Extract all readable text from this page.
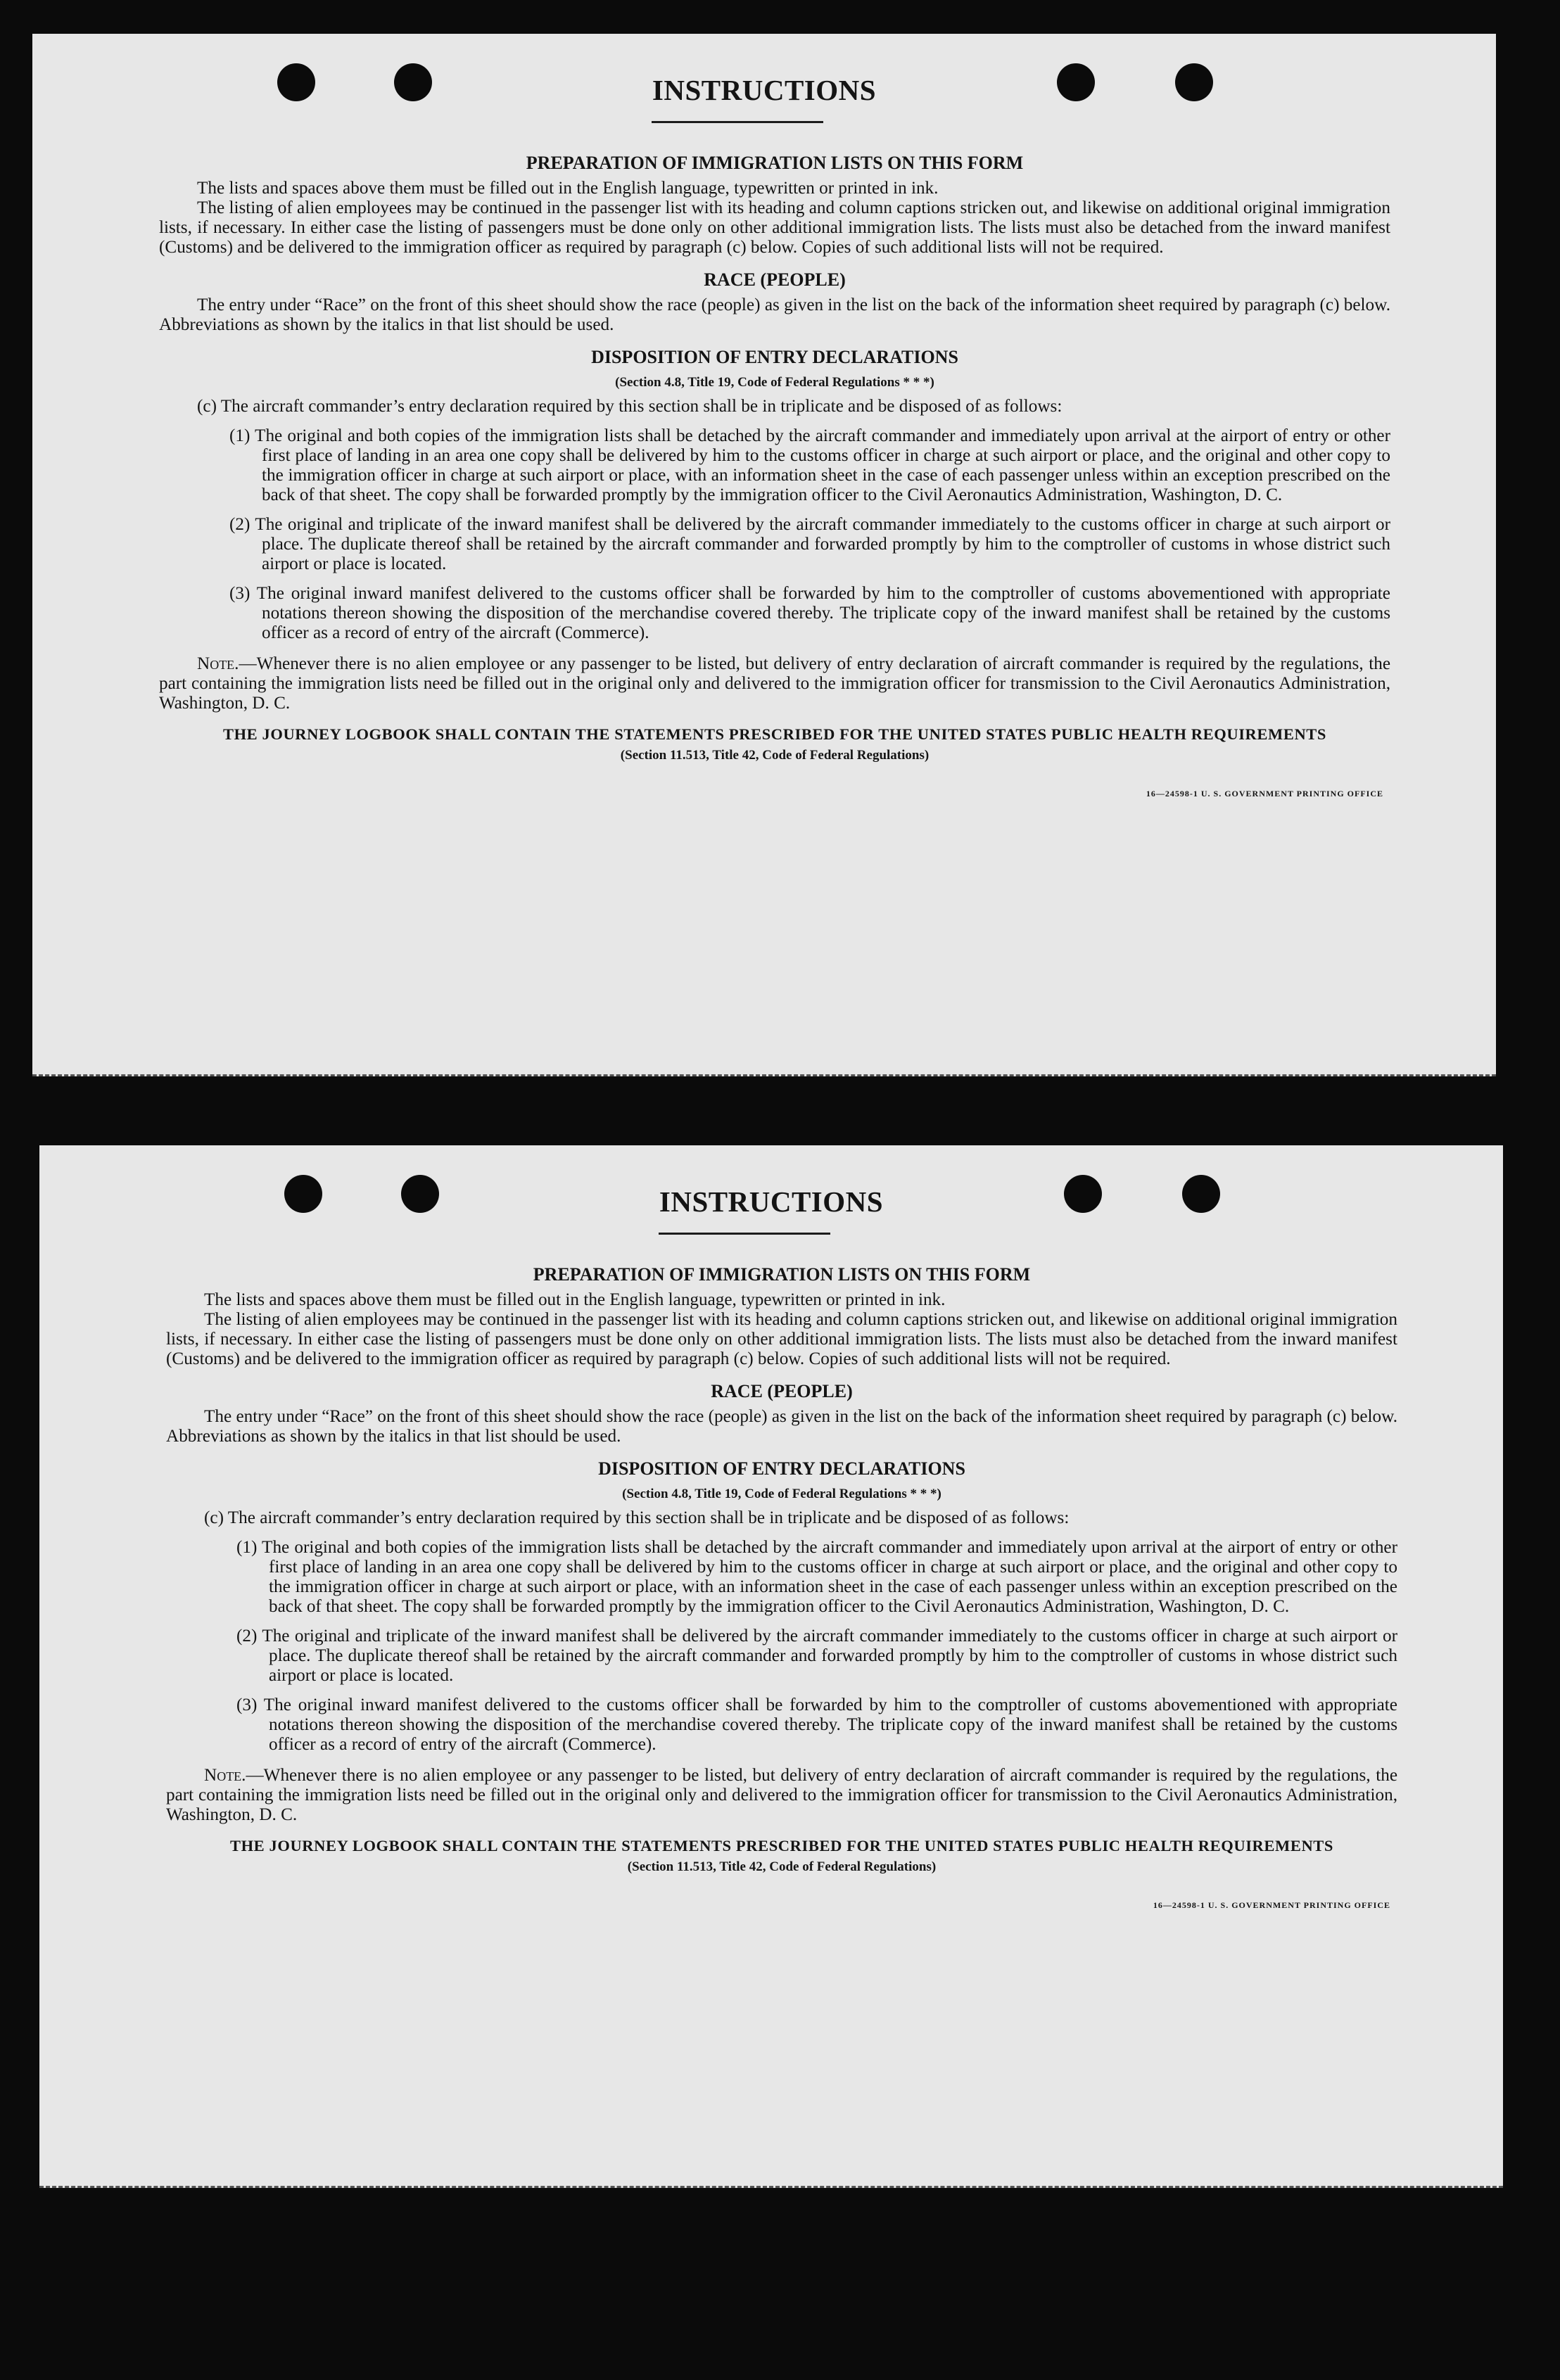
INSTRUCTIONS

PREPARATION OF IMMIGRATION LISTS ON THIS FORM

The lists and spaces above them must be filled out in the English language, typewritten or printed in ink.

The listing of alien employees may be continued in the passenger list with its heading and column captions stricken out, and likewise on additional original immigration lists, if necessary. In either case the listing of passengers must be done only on other additional immigration lists. The lists must also be detached from the inward manifest (Customs) and be delivered to the immigration officer as required by paragraph (c) below. Copies of such additional lists will not be required.

RACE (PEOPLE)

The entry under “Race” on the front of this sheet should show the race (people) as given in the list on the back of the information sheet required by paragraph (c) below. Abbreviations as shown by the italics in that list should be used.

DISPOSITION OF ENTRY DECLARATIONS

(Section 4.8, Title 19, Code of Federal Regulations * * *)

(c) The aircraft commander’s entry declaration required by this section shall be in triplicate and be disposed of as follows:

(1) The original and both copies of the immigration lists shall be detached by the aircraft commander and immediately upon arrival at the airport of entry or other first place of landing in an area one copy shall be delivered by him to the customs officer in charge at such airport or place, and the original and other copy to the immigration officer in charge at such airport or place, with an information sheet in the case of each passenger unless within an exception prescribed on the back of that sheet. The copy shall be forwarded promptly by the immigration officer to the Civil Aeronautics Administration, Washington, D. C.

(2) The original and triplicate of the inward manifest shall be delivered by the aircraft commander immediately to the customs officer in charge at such airport or place. The duplicate thereof shall be retained by the aircraft commander and forwarded promptly by him to the comptroller of customs in whose district such airport or place is located.

(3) The original inward manifest delivered to the customs officer shall be forwarded by him to the comptroller of customs abovementioned with appropriate notations thereon showing the disposition of the merchandise covered thereby. The triplicate copy of the inward manifest shall be retained by the customs officer as a record of entry of the aircraft (Commerce).

Note.—Whenever there is no alien employee or any passenger to be listed, but delivery of entry declaration of aircraft commander is required by the regulations, the part containing the immigration lists need be filled out in the original only and delivered to the immigration officer for transmission to the Civil Aeronautics Administration, Washington, D. C.

THE JOURNEY LOGBOOK SHALL CONTAIN THE STATEMENTS PRESCRIBED FOR THE UNITED STATES PUBLIC HEALTH REQUIREMENTS

(Section 11.513, Title 42, Code of Federal Regulations)

16—24598-1 U. S. GOVERNMENT PRINTING OFFICE

INSTRUCTIONS

PREPARATION OF IMMIGRATION LISTS ON THIS FORM

The lists and spaces above them must be filled out in the English language, typewritten or printed in ink.

The listing of alien employees may be continued in the passenger list with its heading and column captions stricken out, and likewise on additional original immigration lists, if necessary. In either case the listing of passengers must be done only on other additional immigration lists. The lists must also be detached from the inward manifest (Customs) and be delivered to the immigration officer as required by paragraph (c) below. Copies of such additional lists will not be required.

RACE (PEOPLE)

The entry under “Race” on the front of this sheet should show the race (people) as given in the list on the back of the information sheet required by paragraph (c) below. Abbreviations as shown by the italics in that list should be used.

DISPOSITION OF ENTRY DECLARATIONS

(Section 4.8, Title 19, Code of Federal Regulations * * *)

(c) The aircraft commander’s entry declaration required by this section shall be in triplicate and be disposed of as follows:

(1) The original and both copies of the immigration lists shall be detached by the aircraft commander and immediately upon arrival at the airport of entry or other first place of landing in an area one copy shall be delivered by him to the customs officer in charge at such airport or place, and the original and other copy to the immigration officer in charge at such airport or place, with an information sheet in the case of each passenger unless within an exception prescribed on the back of that sheet. The copy shall be forwarded promptly by the immigration officer to the Civil Aeronautics Administration, Washington, D. C.

(2) The original and triplicate of the inward manifest shall be delivered by the aircraft commander immediately to the customs officer in charge at such airport or place. The duplicate thereof shall be retained by the aircraft commander and forwarded promptly by him to the comptroller of customs in whose district such airport or place is located.

(3) The original inward manifest delivered to the customs officer shall be forwarded by him to the comptroller of customs abovementioned with appropriate notations thereon showing the disposition of the merchandise covered thereby. The triplicate copy of the inward manifest shall be retained by the customs officer as a record of entry of the aircraft (Commerce).

Note.—Whenever there is no alien employee or any passenger to be listed, but delivery of entry declaration of aircraft commander is required by the regulations, the part containing the immigration lists need be filled out in the original only and delivered to the immigration officer for transmission to the Civil Aeronautics Administration, Washington, D. C.

THE JOURNEY LOGBOOK SHALL CONTAIN THE STATEMENTS PRESCRIBED FOR THE UNITED STATES PUBLIC HEALTH REQUIREMENTS

(Section 11.513, Title 42, Code of Federal Regulations)

16—24598-1 U. S. GOVERNMENT PRINTING OFFICE
